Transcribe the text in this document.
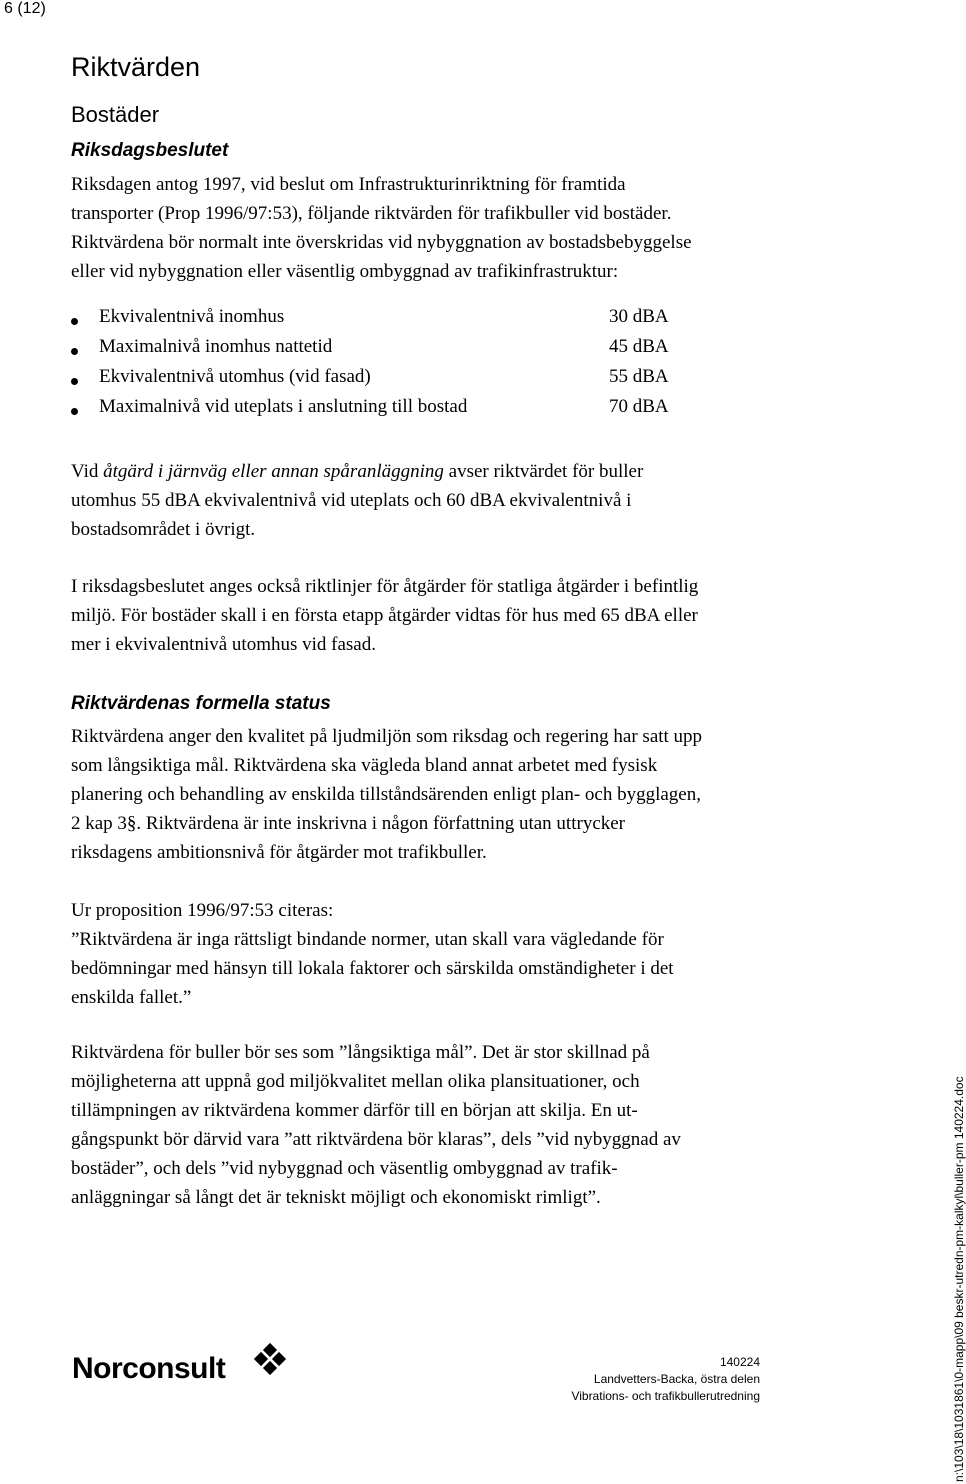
6 (12)
Riktvärden
Bostäder
Riksdagsbeslutet
Riksdagen antog 1997, vid beslut om Infrastrukturinriktning för framtida
transporter (Prop 1996/97:53), följande riktvärden för trafikbuller vid bostäder.
Riktvärdena bör normalt inte överskridas vid nybyggnation av bostadsbebyggelse
eller vid nybyggnation eller väsentlig ombyggnad av trafikinfrastruktur:
Ekvivalentnivå inomhus	30 dBA
Maximalnivå inomhus nattetid	45 dBA
Ekvivalentnivå utomhus (vid fasad)	55 dBA
Maximalnivå vid uteplats i anslutning till bostad	70 dBA
Vid åtgärd i järnväg eller annan spåranläggning avser riktvärdet för buller
utomhus 55 dBA ekvivalentnivå vid uteplats och 60 dBA ekvivalentnivå i
bostadsområdet i övrigt.
I riksdagsbeslutet anges också riktlinjer för åtgärder för statliga åtgärder i befintlig
miljö. För bostäder skall i en första etapp åtgärder vidtas för hus med 65 dBA eller
mer i ekvivalentnivå utomhus vid fasad.
Riktvärdenas formella status
Riktvärdena anger den kvalitet på ljudmiljön som riksdag och regering har satt upp
som långsiktiga mål. Riktvärdena ska vägleda bland annat arbetet med fysisk
planering och behandling av enskilda tillståndsärenden enligt plan- och bygglagen,
2 kap 3§. Riktvärdena är inte inskrivna i någon författning utan uttrycker
riksdagens ambitionsnivå för åtgärder mot trafikbuller.
Ur proposition 1996/97:53 citeras:
”Riktvärdena är inga rättsligt bindande normer, utan skall vara vägledande för
bedömningar med hänsyn till lokala faktorer och särskilda omständigheter i det
enskilda fallet.”
Riktvärdena för buller bör ses som ”långsiktiga mål”. Det är stor skillnad på
möjligheterna att uppnå god miljökvalitet mellan olika plansituationer, och
tillämpningen av riktvärdena kommer därför till en början att skilja. En ut-
gångspunkt bör därvid vara ”att riktvärdena bör klaras”, dels ”vid nybyggnad av
bostäder”, och dels ”vid nybyggnad och väsentlig ombyggnad av trafik-
anläggningar så långt det är tekniskt möjligt och ekonomiskt rimligt”.
Norconsult	140224
Landvetters-Backa, östra delen
Vibrations- och trafikbullerutredning	n:\103\18\1031861\0-mapp\09 beskr-utredn-pm-kalkyl\buller-pm 140224.doc
